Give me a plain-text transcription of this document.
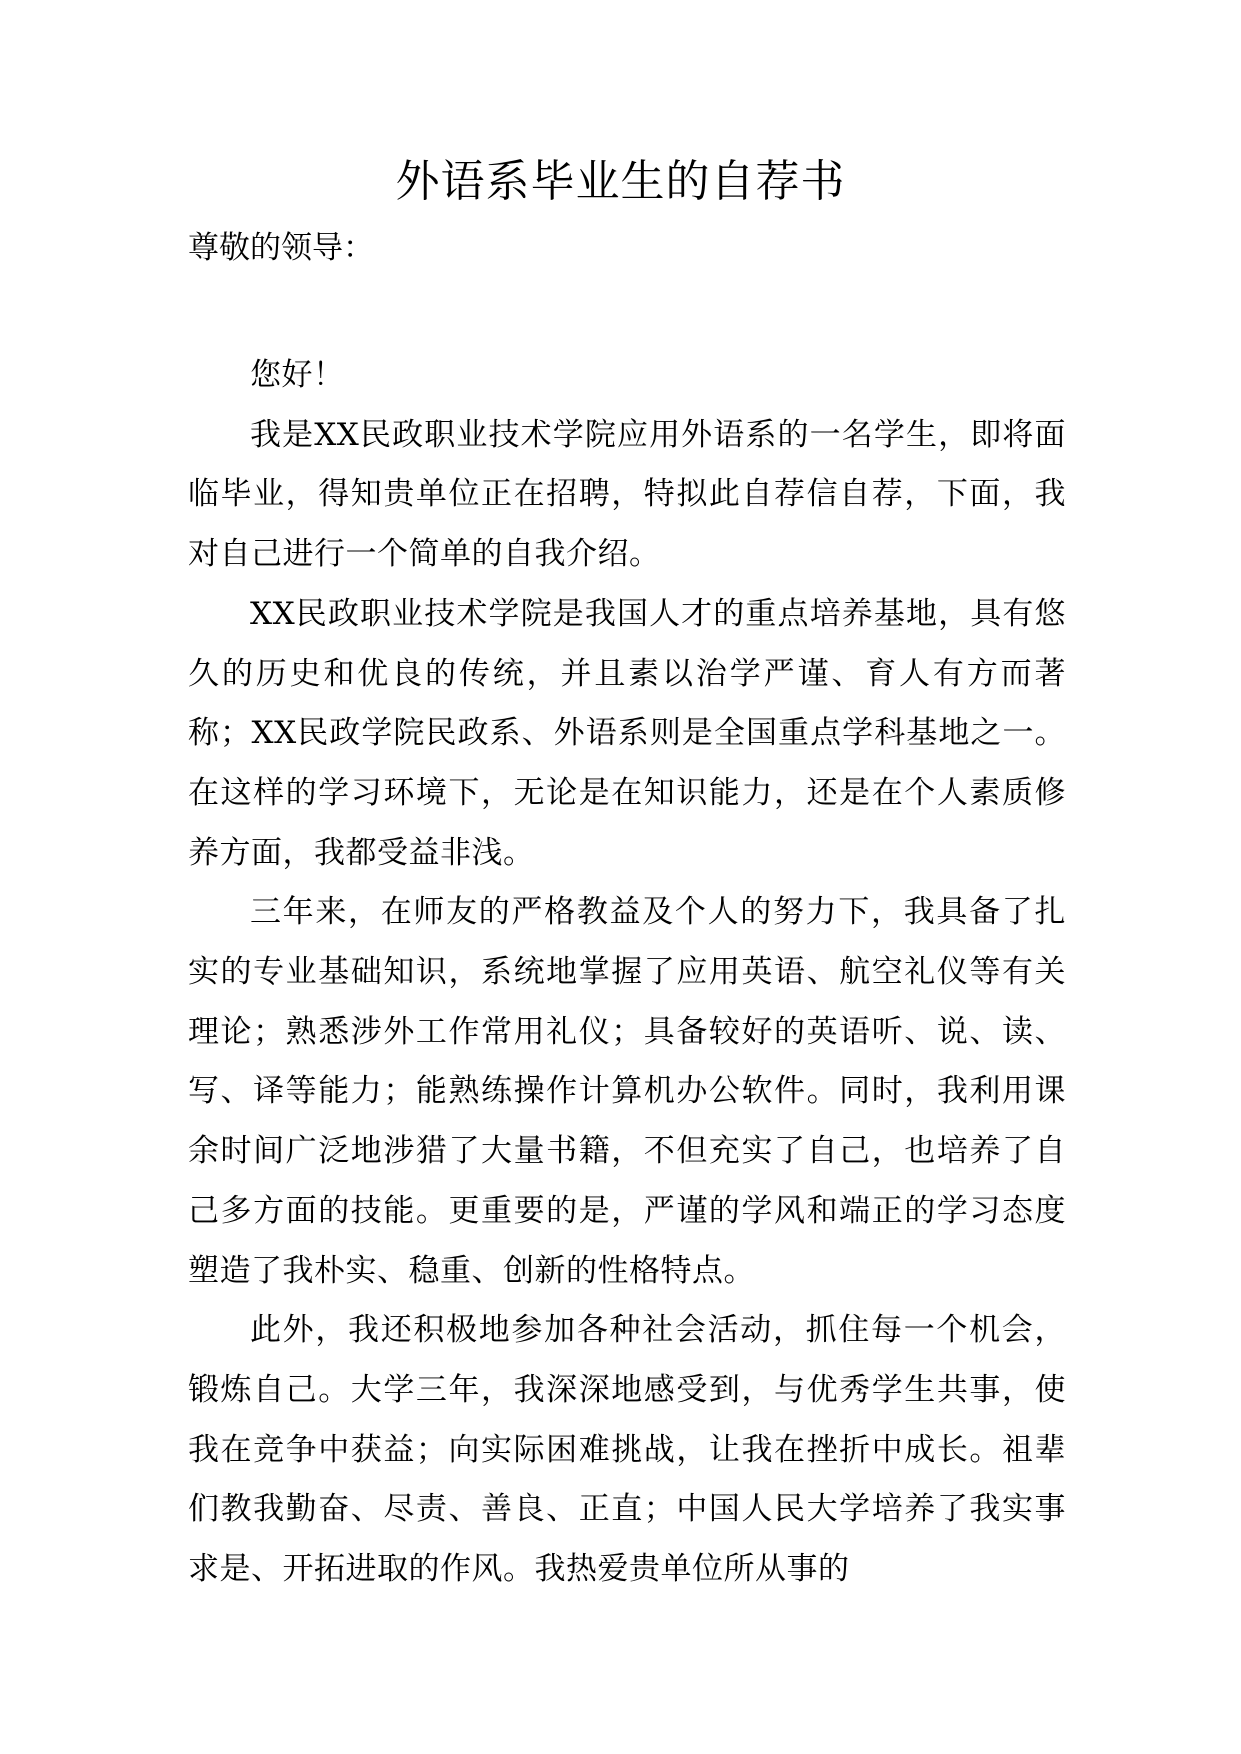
外语系毕业生的自荐书
尊敬的领导：

您好！

我是XX民政职业技术学院应用外语系的一名学生，即将面临毕业，得知贵单位正在招聘，特拟此自荐信自荐，下面，我对自己进行一个简单的自我介绍。

XX民政职业技术学院是我国人才的重点培养基地，具有悠久的历史和优良的传统，并且素以治学严谨、育人有方而著称；XX民政学院民政系、外语系则是全国重点学科基地之一。在这样的学习环境下，无论是在知识能力，还是在个人素质修养方面，我都受益非浅。

三年来，在师友的严格教益及个人的努力下，我具备了扎实的专业基础知识，系统地掌握了应用英语、航空礼仪等有关理论；熟悉涉外工作常用礼仪；具备较好的英语听、说、读、写、译等能力；能熟练操作计算机办公软件。同时，我利用课余时间广泛地涉猎了大量书籍，不但充实了自己，也培养了自己多方面的技能。更重要的是，严谨的学风和端正的学习态度塑造了我朴实、稳重、创新的性格特点。

此外，我还积极地参加各种社会活动，抓住每一个机会，锻炼自己。大学三年，我深深地感受到，与优秀学生共事，使我在竞争中获益；向实际困难挑战，让我在挫折中成长。祖辈们教我勤奋、尽责、善良、正直；中国人民大学培养了我实事求是、开拓进取的作风。我热爱贵单位所从事的
